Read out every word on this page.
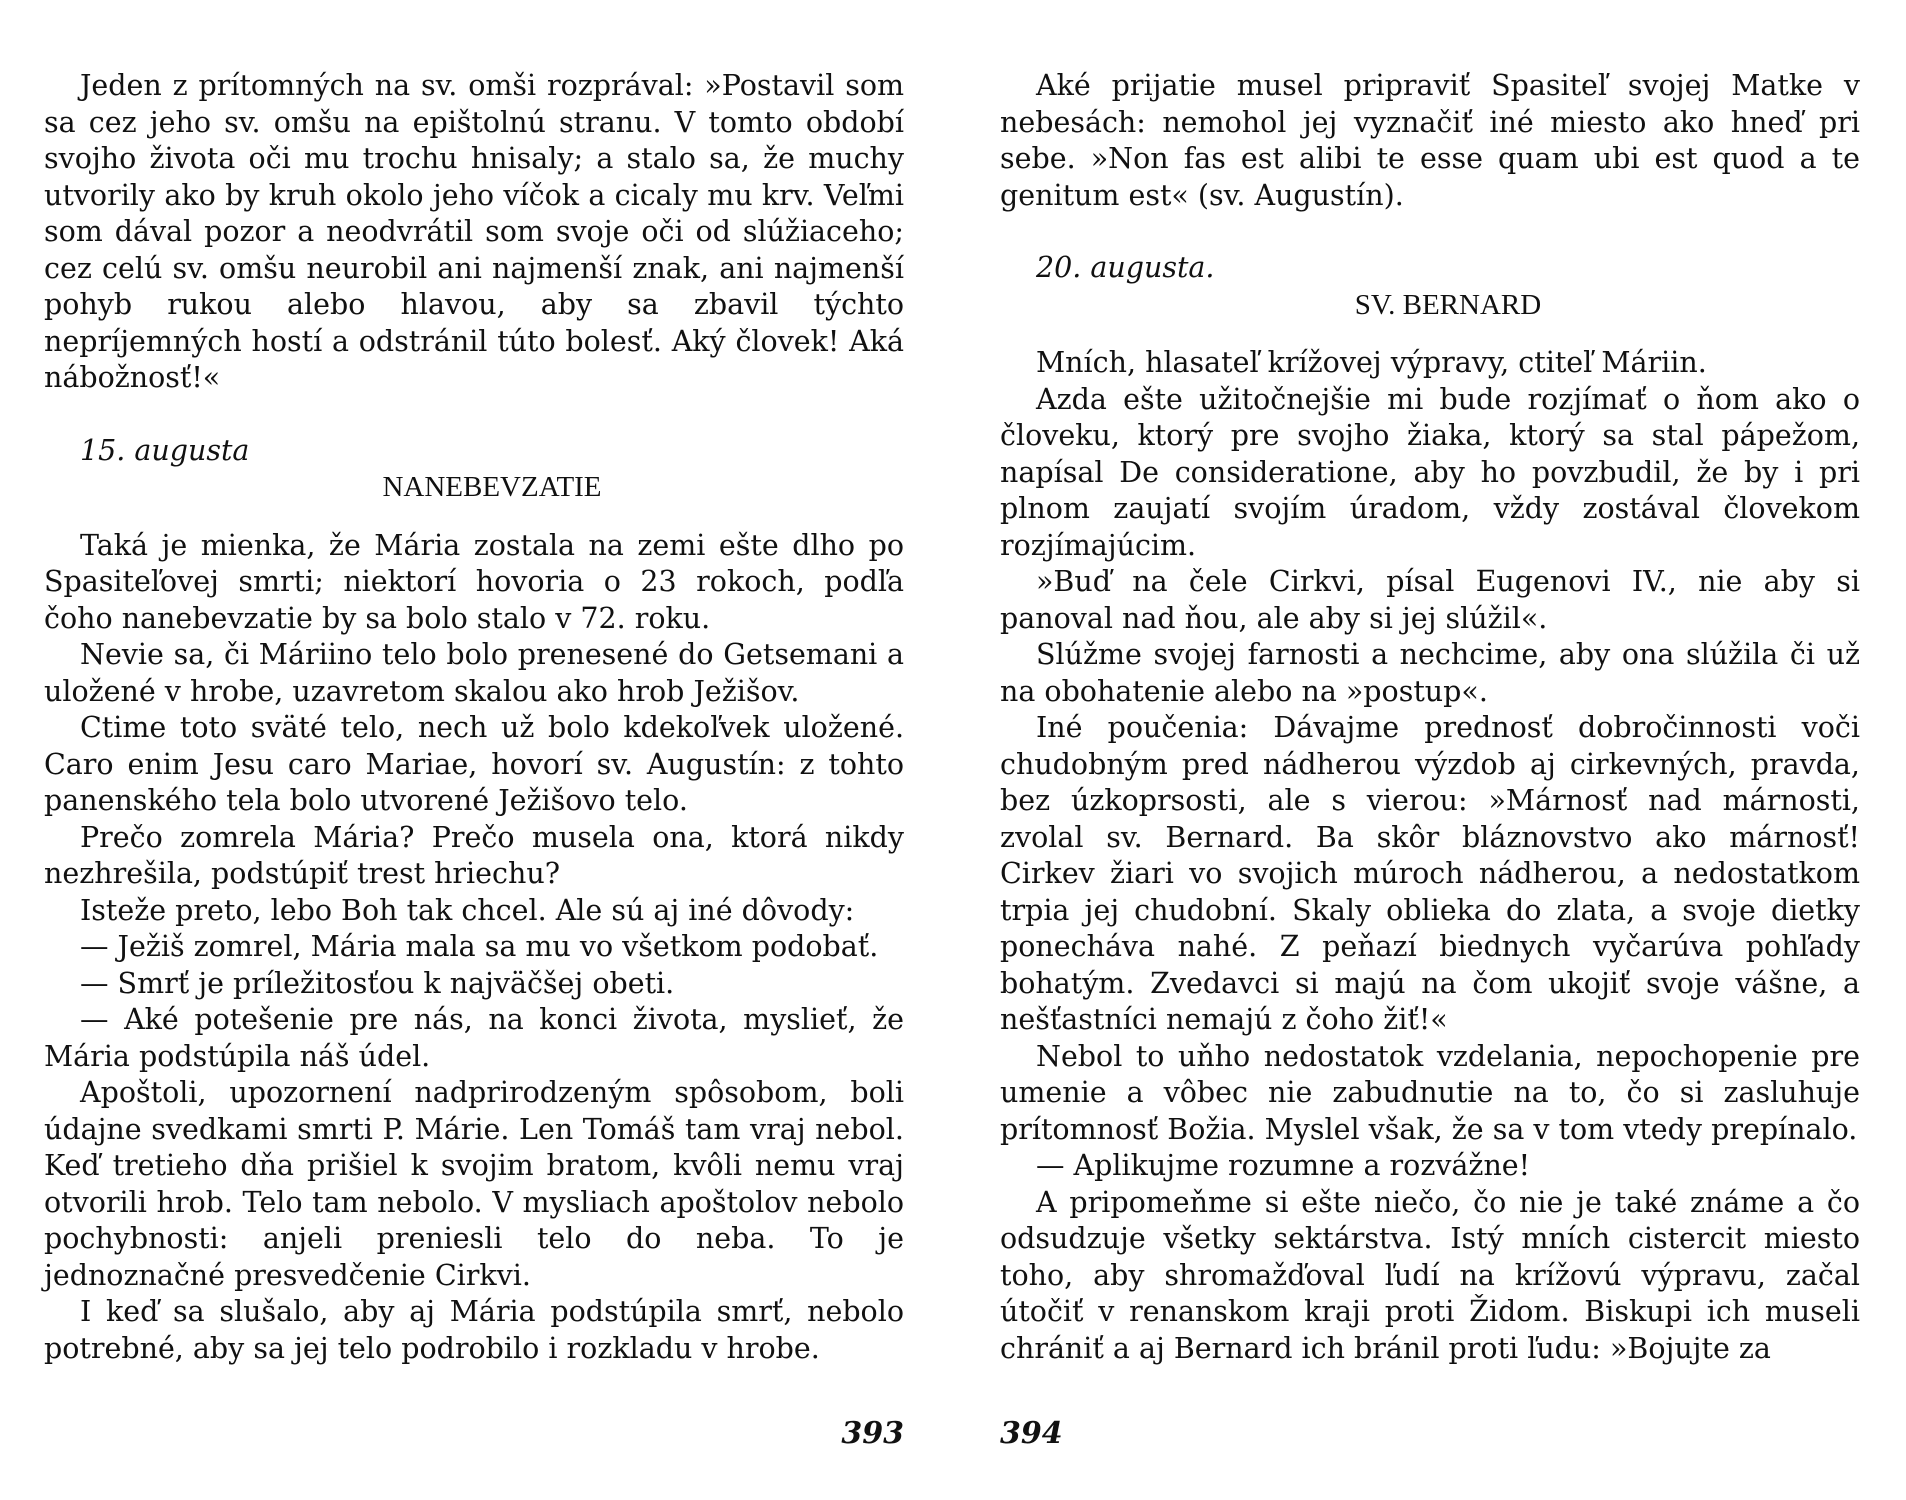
Jeden z prítomných na sv. omši rozprával: »Postavil som sa cez jeho sv. omšu na epištolnú stranu. V tomto období svojho života oči mu trochu hnisaly; a stalo sa, že muchy utvorily ako by kruh okolo jeho víčok a cicaly mu krv. Veľmi som dával pozor a neodvrátil som svoje oči od slúžiaceho; cez celú sv. omšu neurobil ani najmenší znak, ani najmenší pohyb rukou alebo hlavou, aby sa zbavil týchto nepríjemných hostí a odstránil túto bolesť. Aký človek! Aká nábožnosť!«

15. augusta

NANEBEVZATIE

Taká je mienka, že Mária zostala na zemi ešte dlho po Spasiteľovej smrti; niektorí hovoria o 23 rokoch, podľa čoho nanebevzatie by sa bolo stalo v 72. roku.

Nevie sa, či Máriino telo bolo prenesené do Getsemani a uložené v hrobe, uzavretom skalou ako hrob Ježišov.

Ctime toto sväté telo, nech už bolo kdekoľvek uložené. Caro enim Jesu caro Mariae, hovorí sv. Augustín: z tohto panenského tela bolo utvorené Ježišovo telo.

Prečo zomrela Mária? Prečo musela ona, ktorá nikdy nezhrešila, podstúpiť trest hriechu?

Isteže preto, lebo Boh tak chcel. Ale sú aj iné dôvody:

— Ježiš zomrel, Mária mala sa mu vo všetkom podobať.

— Smrť je príležitosťou k najväčšej obeti.

— Aké potešenie pre nás, na konci života, myslieť, že Mária podstúpila náš údel.

Apoštoli, upozornení nadprirodzeným spôsobom, boli údajne svedkami smrti P. Márie. Len Tomáš tam vraj nebol. Keď tretieho dňa prišiel k svojim bratom, kvôli nemu vraj otvorili hrob. Telo tam nebolo. V mysliach apoštolov nebolo pochybnosti: anjeli preniesli telo do neba. To je jednoznačné presvedčenie Cirkvi.

I keď sa slušalo, aby aj Mária podstúpila smrť, nebolo potrebné, aby sa jej telo podrobilo i rozkladu v hrobe.

393

Aké prijatie musel pripraviť Spasiteľ svojej Matke v nebesách: nemohol jej vyznačiť iné miesto ako hneď pri sebe. »Non fas est alibi te esse quam ubi est quod a te genitum est« (sv. Augustín).

20. augusta.

SV. BERNARD

Mních, hlasateľ krížovej výpravy, ctiteľ Máriin.

Azda ešte užitočnejšie mi bude rozjímať o ňom ako o človeku, ktorý pre svojho žiaka, ktorý sa stal pápežom, napísal De consideratione, aby ho povzbudil, že by i pri plnom zaujatí svojím úradom, vždy zostával človekom rozjímajúcim.

»Buď na čele Cirkvi, písal Eugenovi IV., nie aby si panoval nad ňou, ale aby si jej slúžil«.

Slúžme svojej farnosti a nechcime, aby ona slúžila či už na obohatenie alebo na »postup«.

Iné poučenia: Dávajme prednosť dobročinnosti voči chudobným pred nádherou výzdob aj cirkevných, pravda, bez úzkoprsosti, ale s vierou: »Márnosť nad márnosti, zvolal sv. Bernard. Ba skôr bláznovstvo ako márnosť! Cirkev žiari vo svojich múroch nádherou, a nedostatkom trpia jej chudobní. Skaly oblieka do zlata, a svoje dietky ponecháva nahé. Z peňazí biednych vyčarúva pohľady bohatým. Zvedavci si majú na čom ukojiť svoje vášne, a nešťastníci nemajú z čoho žiť!«

Nebol to uňho nedostatok vzdelania, nepochopenie pre umenie a vôbec nie zabudnutie na to, čo si zasluhuje prítomnosť Božia. Myslel však, že sa v tom vtedy prepínalo.

— Aplikujme rozumne a rozvážne!

A pripomeňme si ešte niečo, čo nie je také známe a čo odsudzuje všetky sektárstva. Istý mních cistercit miesto toho, aby shromažďoval ľudí na krížovú výpravu, začal útočiť v renanskom kraji proti Židom. Biskupi ich museli chrániť a aj Bernard ich bránil proti ľudu: »Bojujte za

394
